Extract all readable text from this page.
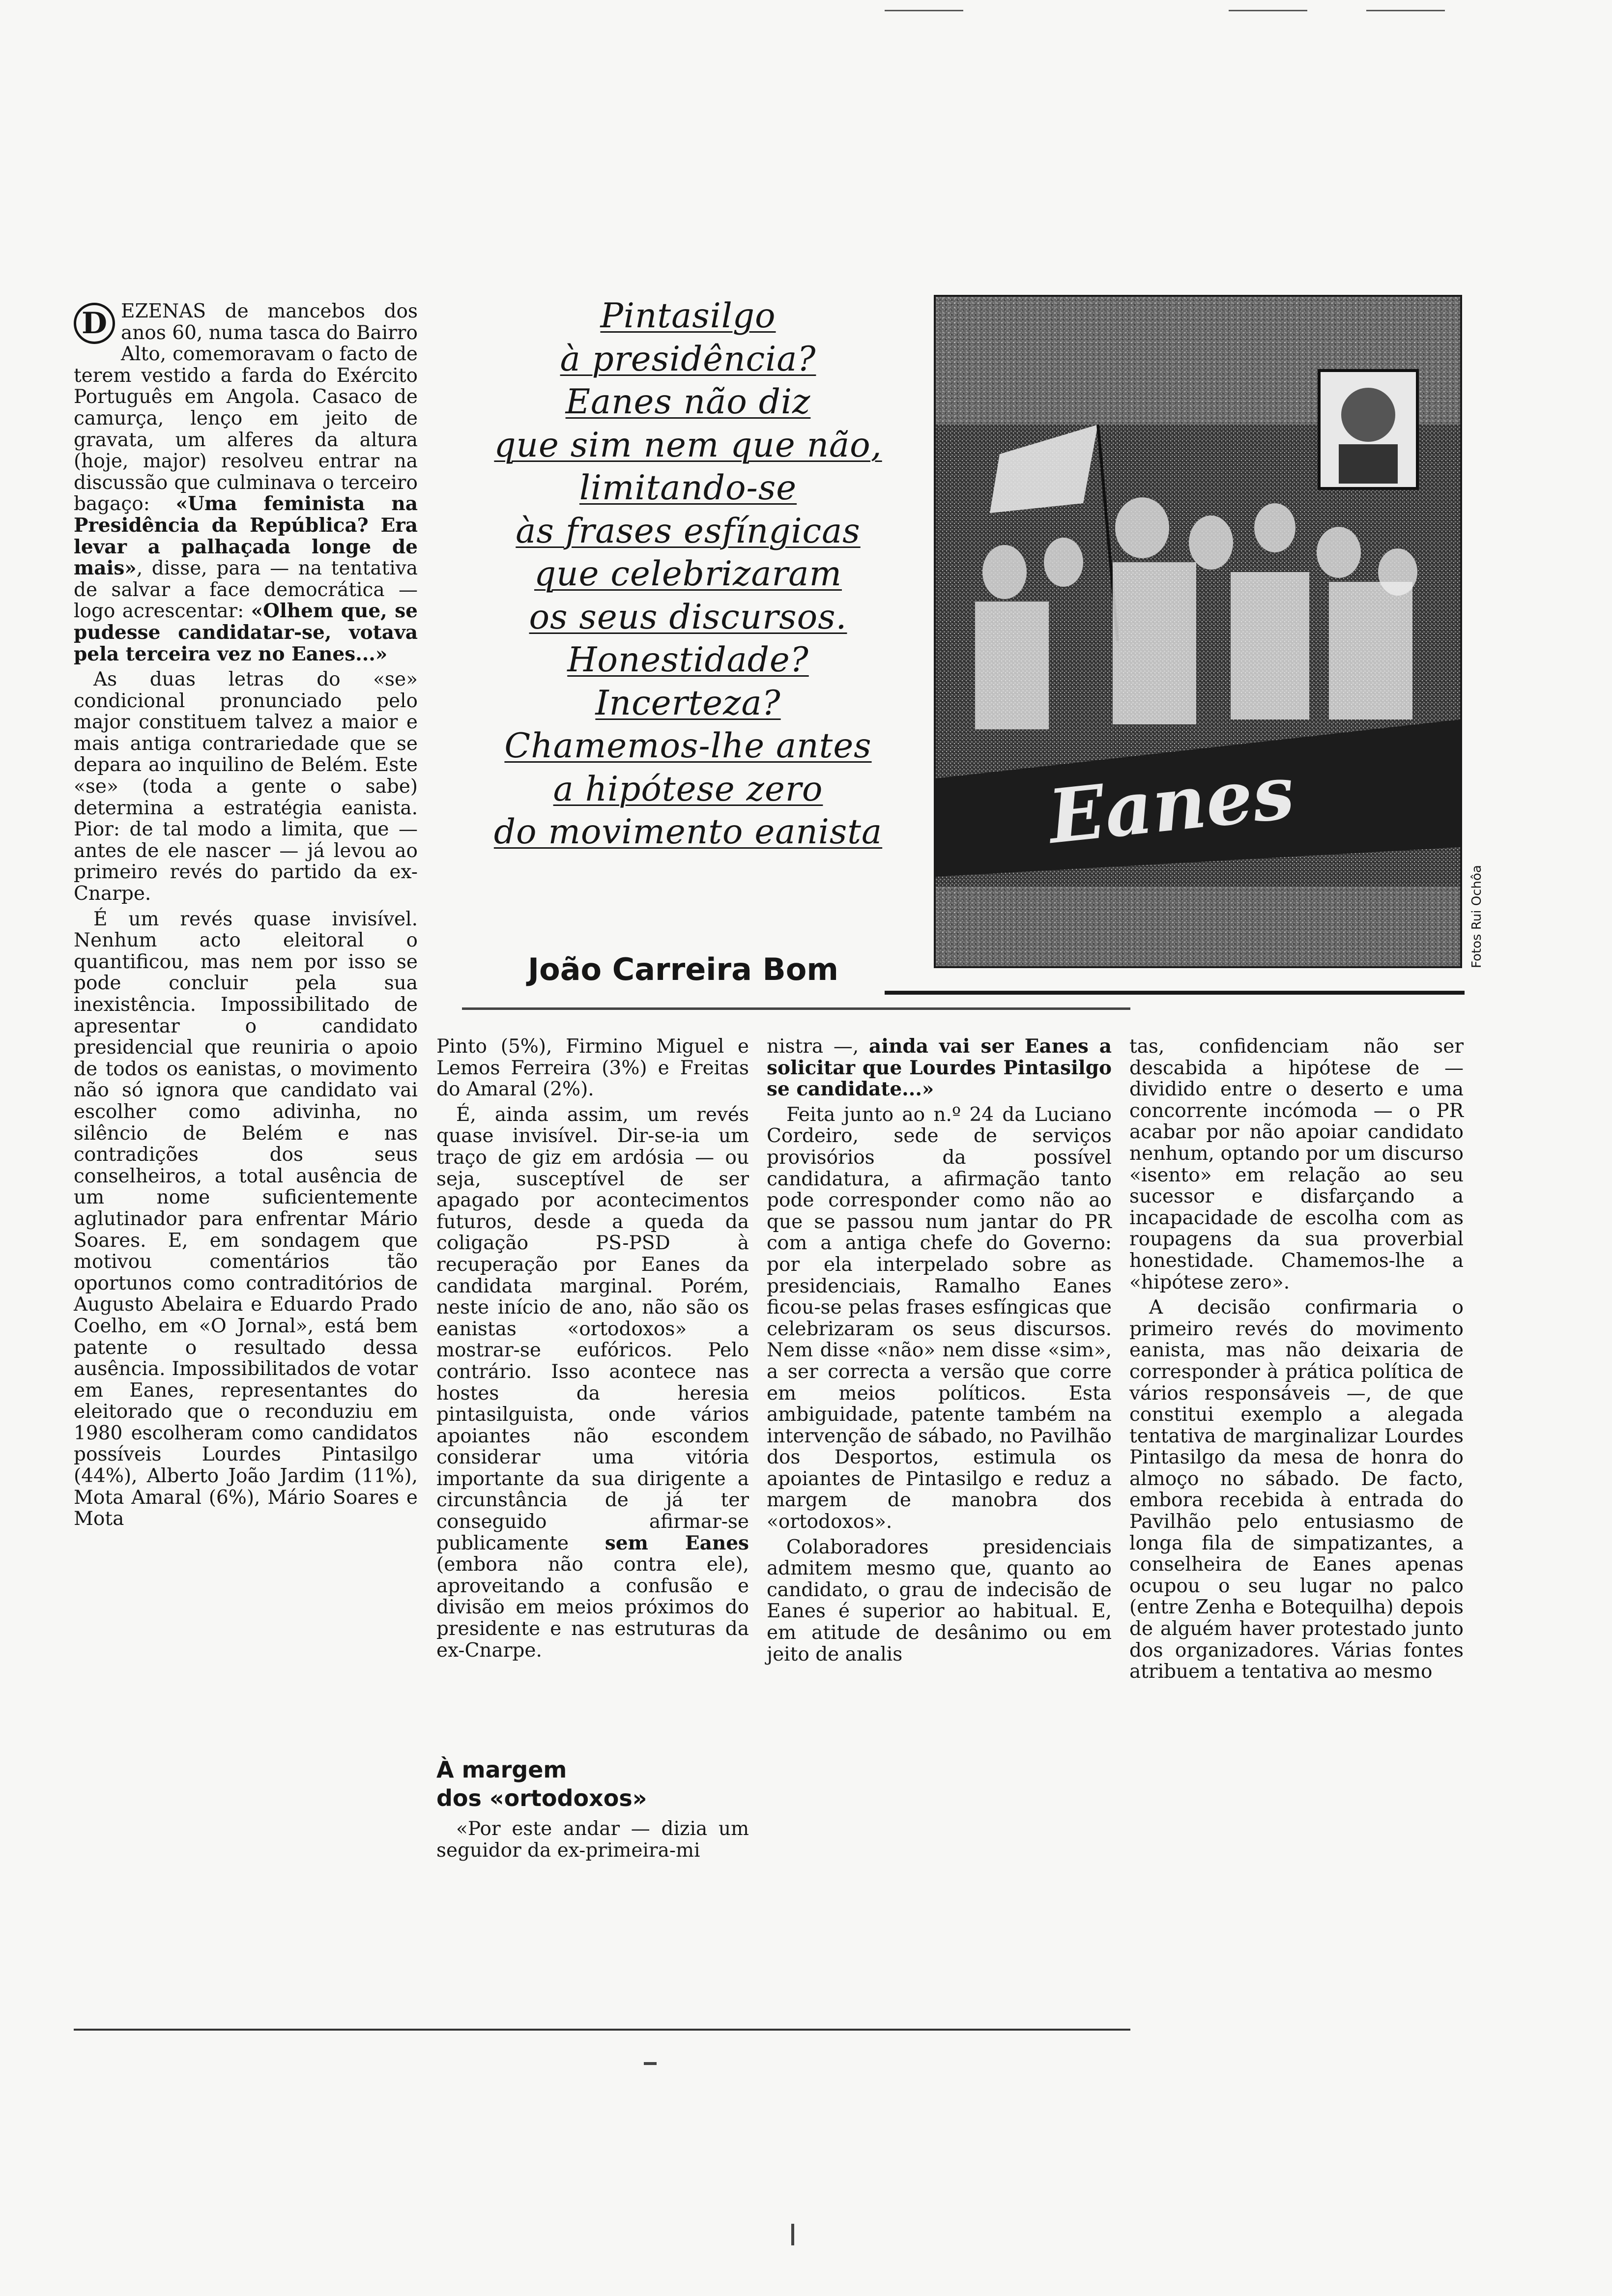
D EZENAS de mancebos dos anos 60, numa tasca do Bairro Alto, comemoravam o facto de terem vestido a farda do Exército Português em Angola. Casaco de camurça, lenço em jeito de gravata, um alferes da altura (hoje, major) resolveu entrar na discussão que culminava o terceiro bagaço: «Uma feminista na Presidência da República? Era levar a palhaçada longe de mais», disse, para — na tentativa de salvar a face democrática — logo acrescentar: «Olhem que, se pudesse candidatar-se, votava pela terceira vez no Eanes...»

As duas letras do «se» condicional pronunciado pelo major constituem talvez a maior e mais antiga contrariedade que se depara ao inquilino de Belém. Este «se» (toda a gente o sabe) determina a estratégia eanista. Pior: de tal modo a limita, que — antes de ele nascer — já levou ao primeiro revés do partido da ex-Cnarpe.

É um revés quase invisível. Nenhum acto eleitoral o quantificou, mas nem por isso se pode concluir pela sua inexistência. Impossibilitado de apresentar o candidato presidencial que reuniria o apoio de todos os eanistas, o movimento não só ignora que candidato vai escolher como adivinha, no silêncio de Belém e nas contradições dos seus conselheiros, a total ausência de um nome suficientemente aglutinador para enfrentar Mário Soares. E, em sondagem que motivou comentários tão oportunos como contraditórios de Augusto Abelaira e Eduardo Prado Coelho, em «O Jornal», está bem patente o resultado dessa ausência. Impossibilitados de votar em Eanes, representantes do eleitorado que o reconduziu em 1980 escolheram como candidatos possíveis Lourdes Pintasilgo (44%), Alberto João Jardim (11%), Mota Amaral (6%), Mário Soares e Mota

Pintasilgo
à presidência?
Eanes não diz
que sim nem que não,
limitando-se
às frases esfíngicas
que celebrizaram
os seus discursos.
Honestidade?
Incerteza?
Chamemos-lhe antes
a hipótese zero
do movimento eanista	Eanes
Fotos Rui Ochôa
João Carreira Bom

Pinto (5%), Firmino Miguel e Lemos Ferreira (3%) e Freitas do Amaral (2%).

É, ainda assim, um revés quase invisível. Dir-se-ia um traço de giz em ardósia — ou seja, susceptível de ser apagado por acontecimentos futuros, desde a queda da coligação PS-PSD à recuperação por Eanes da candidata marginal. Porém, neste início de ano, não são os eanistas «ortodoxos» a mostrar-se eufóricos. Pelo contrário. Isso acontece nas hostes da heresia pintasilguista, onde vários apoiantes não escondem considerar uma vitória importante da sua dirigente a circunstância de já ter conseguido afirmar-se publicamente sem Eanes (embora não contra ele), aproveitando a confusão e divisão em meios próximos do presidente e nas estruturas da ex-Cnarpe.

À margem
dos «ortodoxos»

«Por este andar — dizia um seguidor da ex-primeira-mi

nistra —, ainda vai ser Eanes a solicitar que Lourdes Pintasilgo se candidate...»

Feita junto ao n.º 24 da Luciano Cordeiro, sede de serviços provisórios da possível candidatura, a afirmação tanto pode corresponder como não ao que se passou num jantar do PR com a antiga chefe do Governo: por ela interpelado sobre as presidenciais, Ramalho Eanes ficou-se pelas frases esfíngicas que celebrizaram os seus discursos. Nem disse «não» nem disse «sim», a ser correcta a versão que corre em meios políticos. Esta ambiguidade, patente também na intervenção de sábado, no Pavilhão dos Desportos, estimula os apoiantes de Pintasilgo e reduz a margem de manobra dos «ortodoxos».

Colaboradores presidenciais admitem mesmo que, quanto ao candidato, o grau de indecisão de Eanes é superior ao habitual. E, em atitude de desânimo ou em jeito de analis

tas, confidenciam não ser descabida a hipótese de — dividido entre o deserto e uma concorrente incómoda — o PR acabar por não apoiar candidato nenhum, optando por um discurso «isento» em relação ao seu sucessor e disfarçando a incapacidade de escolha com as roupagens da sua proverbial honestidade. Chamemos-lhe a «hipótese zero».

A decisão confirmaria o primeiro revés do movimento eanista, mas não deixaria de corresponder à prática política de vários responsáveis —, de que constitui exemplo a alegada tentativa de marginalizar Lourdes Pintasilgo da mesa de honra do almoço no sábado. De facto, embora recebida à entrada do Pavilhão pelo entusiasmo de longa fila de simpatizantes, a conselheira de Eanes apenas ocupou o seu lugar no palco (entre Zenha e Botequilha) depois de alguém haver protestado junto dos organizadores. Várias fontes atribuem a tentativa ao mesmo
